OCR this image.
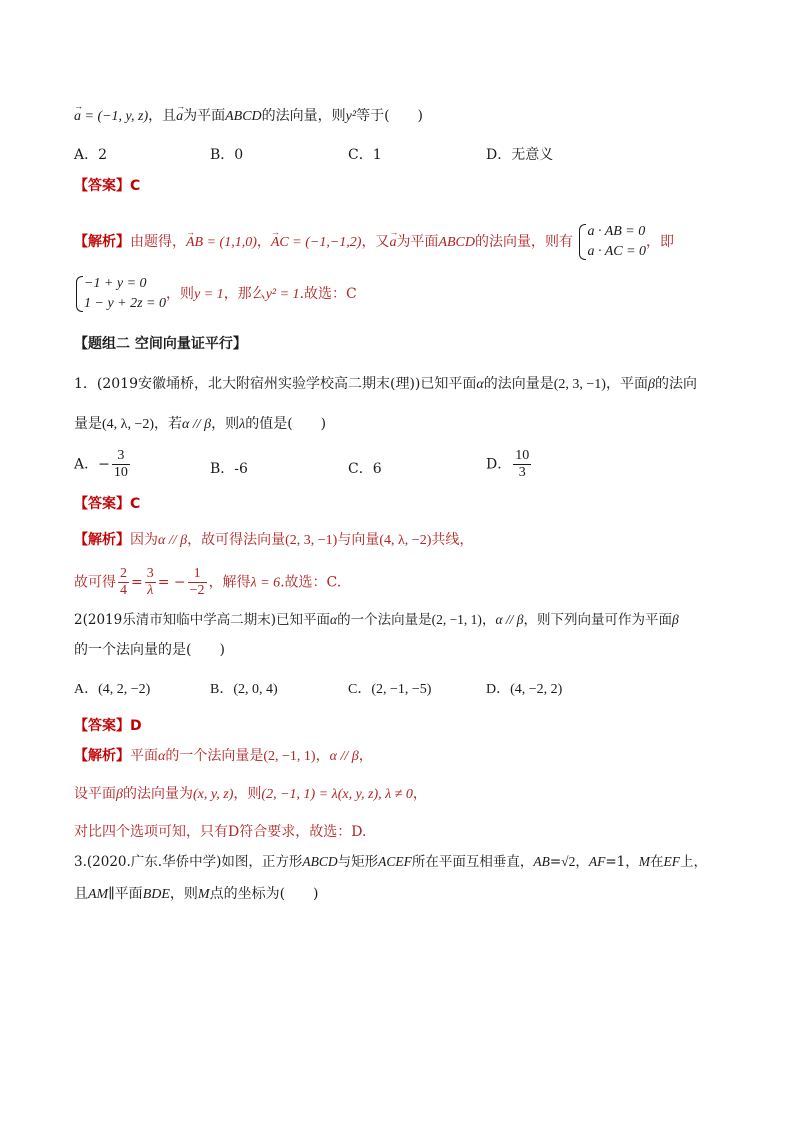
→ a = (−1, y, z)，且→ a为平面ABCD的法向量，则y²等于(　　)
A．2	B．0	C．1	D．无意义
【答案】C
【解析】由题得，→ AB = (1,1,0)，→ AC = (−1,−1,2)，又→ a为平面ABCD的法向量，则有
a · AB = 0
a · AC = 0
，即
−1 + y = 0
1 − y + 2z = 0
，则y = 1，那么y² = 1.故选：C
【题组二 空间向量证平行】
1．(2019安徽埇桥，北大附宿州实验学校高二期末(理))已知平面α的法向量是(2, 3, −1)，平面β的法向
量是(4, λ, −2)，若α // β，则λ的值是(　　)
A．− $\frac{3}{10}$	B．-6	C．6	D． $\frac{10}{3}$
【答案】C
【解析】因为α // β，故可得法向量(2, 3, −1)与向量(4, λ, −2)共线，
故可得 $\frac{2}{4} = \frac{3}{\lambda}$ = − $\frac{1}{-2}$ ，解得λ = 6.故选：C.
2(2019乐清市知临中学高二期末)已知平面α的一个法向量是(2, −1, 1)，α // β，则下列向量可作为平面β
的一个法向量的是(　　)
A．(4, 2, −2)	B．(2, 0, 4)	C．(2, −1, −5)	D．(4, −2, 2)
【答案】D
【解析】平面α的一个法向量是(2, −1, 1)，α // β，
设平面β的法向量为(x, y, z)，则(2, −1, 1) = λ(x, y, z), λ ≠ 0，
对比四个选项可知，只有D符合要求，故选：D.
3.(2020.广东.华侨中学)如图，正方形ABCD与矩形ACEF所在平面互相垂直，AB=√2，AF=1，M在EF上，
且AM∥平面BDE，则M点的坐标为(　　)
